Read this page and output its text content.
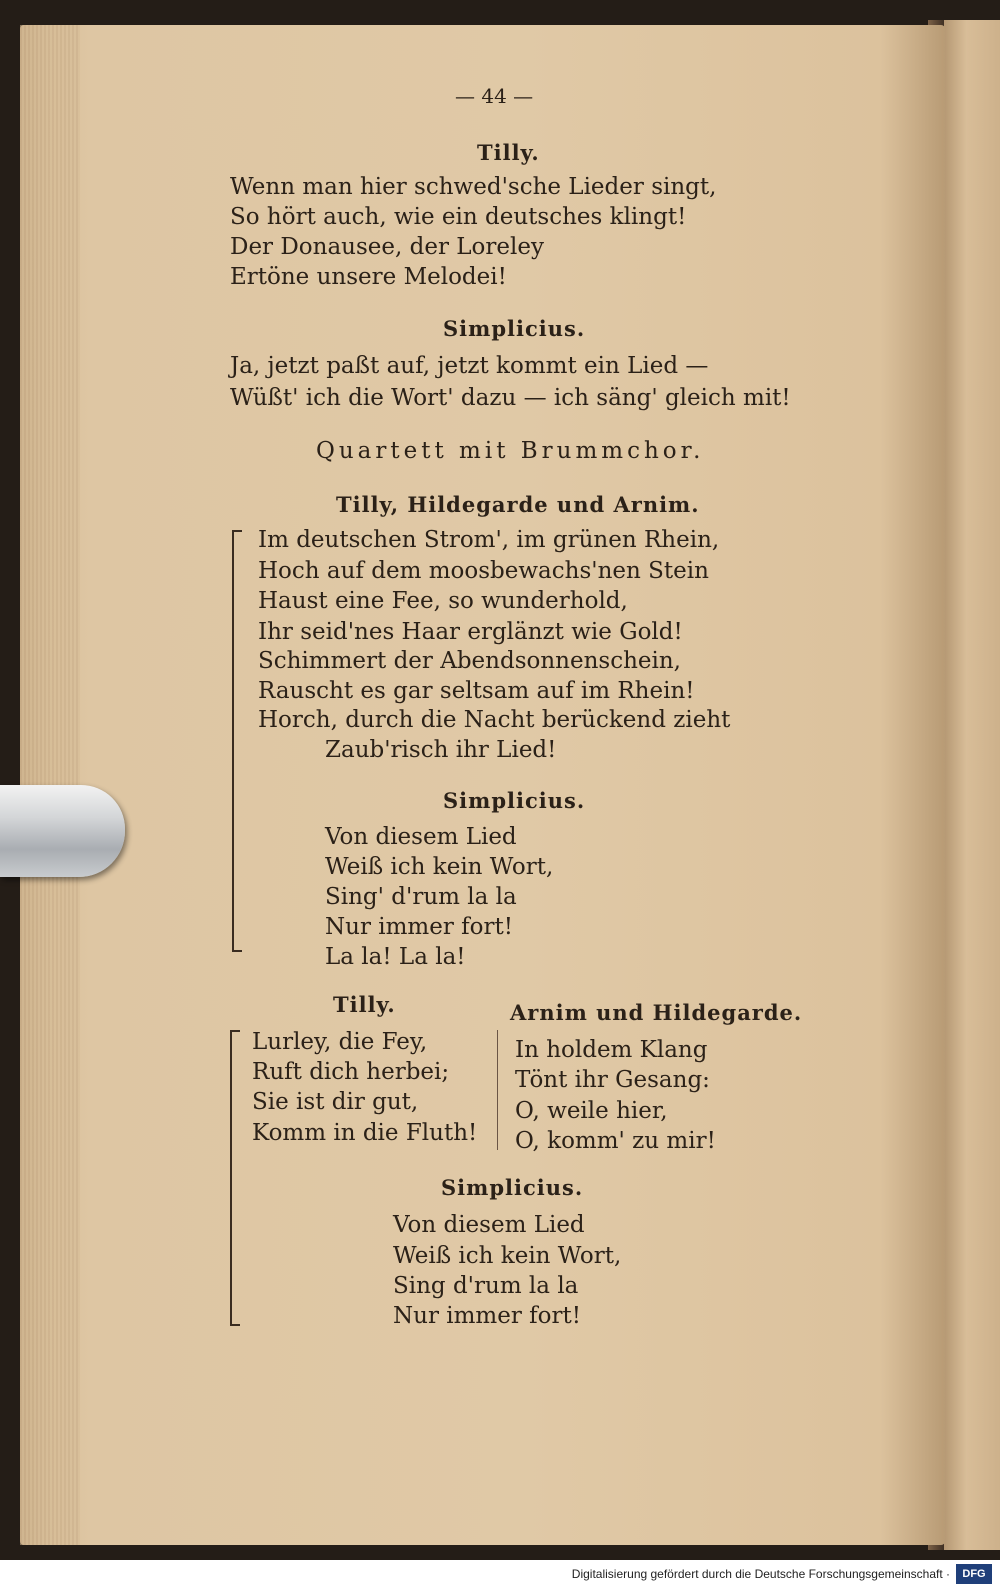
— 44 —
Tilly.
Wenn man hier schwed'sche Lieder singt,
So hört auch, wie ein deutsches klingt!
Der Donausee, der Loreley
Ertöne unsere Melodei!
Simplicius.
Ja, jetzt paßt auf, jetzt kommt ein Lied —
Wüßt' ich die Wort' dazu — ich säng' gleich mit!
Quartett mit Brummchor.
Tilly, Hildegarde und Arnim.
Im deutschen Strom', im grünen Rhein,
Hoch auf dem moosbewachs'nen Stein
Haust eine Fee, so wunderhold,
Ihr seid'nes Haar erglänzt wie Gold!
Schimmert der Abendsonnenschein,
Rauscht es gar seltsam auf im Rhein!
Horch, durch die Nacht berückend zieht
Zaub'risch ihr Lied!
Simplicius.
Von diesem Lied
Weiß ich kein Wort,
Sing' d'rum la la
Nur immer fort!
La la! La la!
Tilly.
Lurley, die Fey,
Ruft dich herbei;
Sie ist dir gut,
Komm in die Fluth!
Arnim und Hildegarde.
In holdem Klang
Tönt ihr Gesang:
O, weile hier,
O, komm' zu mir!
Simplicius.
Von diesem Lied
Weiß ich kein Wort,
Sing d'rum la la
Nur immer fort!
Digitalisierung gefördert durch die Deutsche Forschungsgemeinschaft ·	DFG
